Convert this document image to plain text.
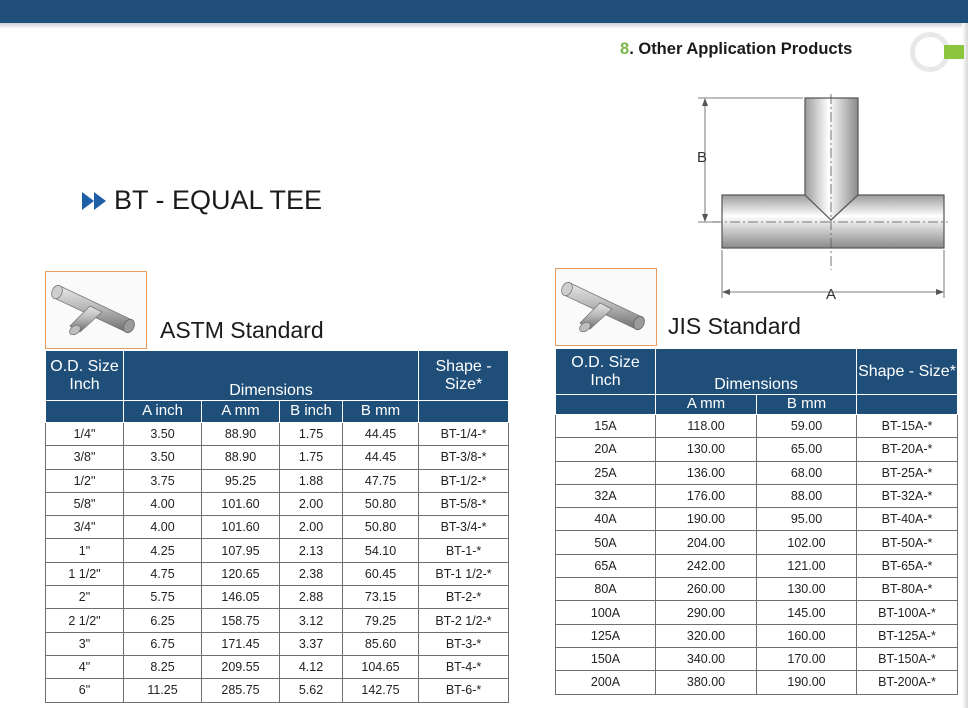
8. Other Application Products
BT - EQUAL TEE
B
A
ASTM Standard	JIS Standard
O.D. Size Inch	Dimensions				Shape - Size*
	A inch	A mm	B inch	B mm	
1/4"	3.50	88.90	1.75	44.45	BT-1/4-*
3/8"	3.50	88.90	1.75	44.45	BT-3/8-*
1/2"	3.75	95.25	1.88	47.75	BT-1/2-*
5/8"	4.00	101.60	2.00	50.80	BT-5/8-*
3/4"	4.00	101.60	2.00	50.80	BT-3/4-*
1"	4.25	107.95	2.13	54.10	BT-1-*
1 1/2"	4.75	120.65	2.38	60.45	BT-1 1/2-*
2"	5.75	146.05	2.88	73.15	BT-2-*
2 1/2"	6.25	158.75	3.12	79.25	BT-2 1/2-*
3"	6.75	171.45	3.37	85.60	BT-3-*
4"	8.25	209.55	4.12	104.65	BT-4-*
6"	11.25	285.75	5.62	142.75	BT-6-*
O.D. Size Inch	Dimensions		Shape - Size*
	A mm	B mm	
15A	118.00	59.00	BT-15A-*
20A	130.00	65.00	BT-20A-*
25A	136.00	68.00	BT-25A-*
32A	176.00	88.00	BT-32A-*
40A	190.00	95.00	BT-40A-*
50A	204.00	102.00	BT-50A-*
65A	242.00	121.00	BT-65A-*
80A	260.00	130.00	BT-80A-*
100A	290.00	145.00	BT-100A-*
125A	320.00	160.00	BT-125A-*
150A	340.00	170.00	BT-150A-*
200A	380.00	190.00	BT-200A-*
